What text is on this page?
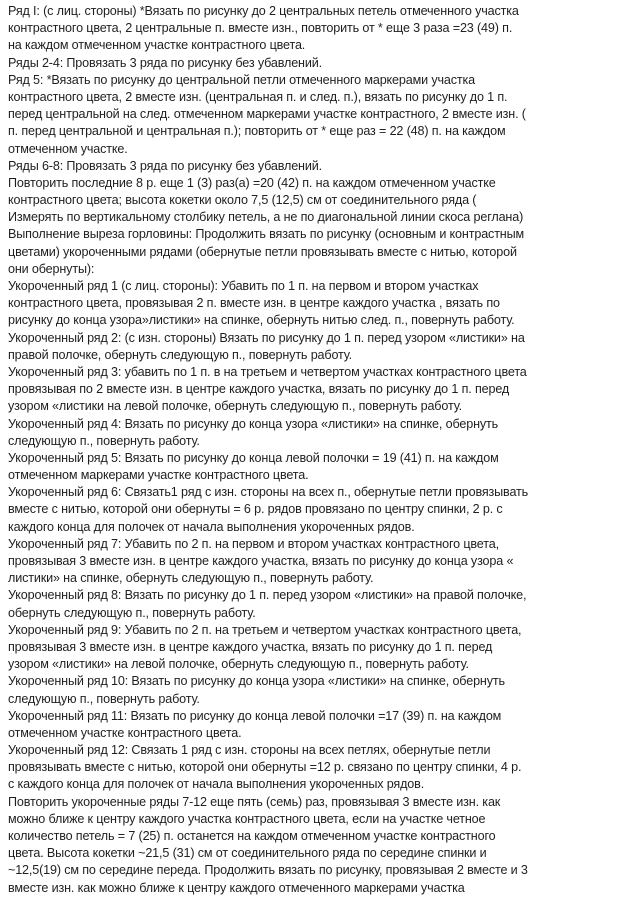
Ряд I: (с лиц. стороны) *Вязать по рисунку до 2 центральных петель отмеченного участка
контрастного цвета, 2 центральные п. вместе изн., повторить от * еще 3 раза =23 (49) п.
на каждом отмеченном участке контрастного цвета.
Ряды 2-4: Провязать 3 ряда по рисунку без убавлений.
Ряд 5: *Вязать по рисунку до центральной петли отмеченного маркерами участка
контрастного цвета, 2 вместе изн. (центральная п. и след. п.), вязать по рисунку до 1 п.
перед центральной на след. отмеченном маркерами участке контрастного, 2 вместе изн. (
п. перед центральной и центральная п.); повторить от * еще раз = 22 (48) п. на каждом
отмеченном участке.
Ряды 6-8: Провязать 3 ряда по рисунку без убавлений.
Повторить последние 8 р. еще 1 (3) раз(а) =20 (42) п. на каждом отмеченном участке
контрастного цвета; высота кокетки около 7,5 (12,5) см от соединительного ряда (
Измерять по вертикальному столбику петель, а не по диагональной линии скоса реглана)
Выполнение выреза горловины: Продолжить вязать по рисунку (основным и контрастным
цветами) укороченными рядами (обернутые петли провязывать вместе с нитью, которой
они обернуты):
Укороченный ряд 1 (с лиц. стороны): Убавить по 1 п. на первом и втором участках
контрастного цвета, провязывая 2 п. вместе изн. в центре каждого участка , вязать по
рисунку до конца узора»листики» на спинке, обернуть нитью след. п., повернуть работу.
Укороченный ряд 2: (с изн. стороны) Вязать по рисунку до 1 п. перед узором «листики» на
правой полочке, обернуть следующую п., повернуть работу.
Укороченный ряд 3: убавить по 1 п. в на третьем и четвертом участках контрастного цвета
провязывая по 2 вместе изн. в центре каждого участка, вязать по рисунку до 1 п. перед
узором «листики на левой полочке, обернуть следующую п., повернуть работу.
Укороченный ряд 4: Вязать по рисунку до конца узора «листики» на спинке, обернуть
следующую п., повернуть работу.
Укороченный ряд 5: Вязать по рисунку до конца левой полочки = 19 (41) п. на каждом
отмеченном маркерами участке контрастного цвета.
Укороченный ряд 6: Связать1 ряд с изн. стороны на всех п., обернутые петли провязывать
вместе с нитью, которой они обернуты = 6 р. рядов провязано по центру спинки, 2 р. с
каждого конца для полочек от начала выполнения укороченных рядов.
Укороченный ряд 7: Убавить по 2 п. на первом и втором участках контрастного цвета,
провязывая 3 вместе изн. в центре каждого участка, вязать по рисунку до конца узора «
листики» на спинке, обернуть следующую п., повернуть работу.
Укороченный ряд 8: Вязать по рисунку до 1 п. перед узором «листики» на правой полочке,
обернуть следующую п., повернуть работу.
Укороченный ряд 9: Убавить по 2 п. на третьем и четвертом участках контрастного цвета,
провязывая 3 вместе изн. в центре каждого участка, вязать по рисунку до 1 п. перед
узором «листики» на левой полочке, обернуть следующую п., повернуть работу.
Укороченный ряд 10: Вязать по рисунку до конца узора «листики» на спинке, обернуть
следующую п., повернуть работу.
Укороченный ряд 11: Вязать по рисунку до конца левой полочки =17 (39) п. на каждом
отмеченном участке контрастного цвета.
Укороченный ряд 12: Связать 1 ряд с изн. стороны на всех петлях, обернутые петли
провязывать вместе с нитью, которой они обернуты =12 р. связано по центру спинки, 4 р.
с каждого конца для полочек от начала выполнения укороченных рядов.
Повторить укороченные ряды 7-12 еще пять (семь) раз, провязывая 3 вместе изн. как
можно ближе к центру каждого участка контрастного цвета, если на участке четное
количество петель = 7 (25) п. останется на каждом отмеченном участке контрастного
цвета. Высота кокетки ~21,5 (31) см от соединительного ряда по середине спинки и
~12,5(19) см по середине переда. Продолжить вязать по рисунку, провязывая 2 вместе и 3
вместе изн. как можно ближе к центру каждого отмеченного маркерами участка
